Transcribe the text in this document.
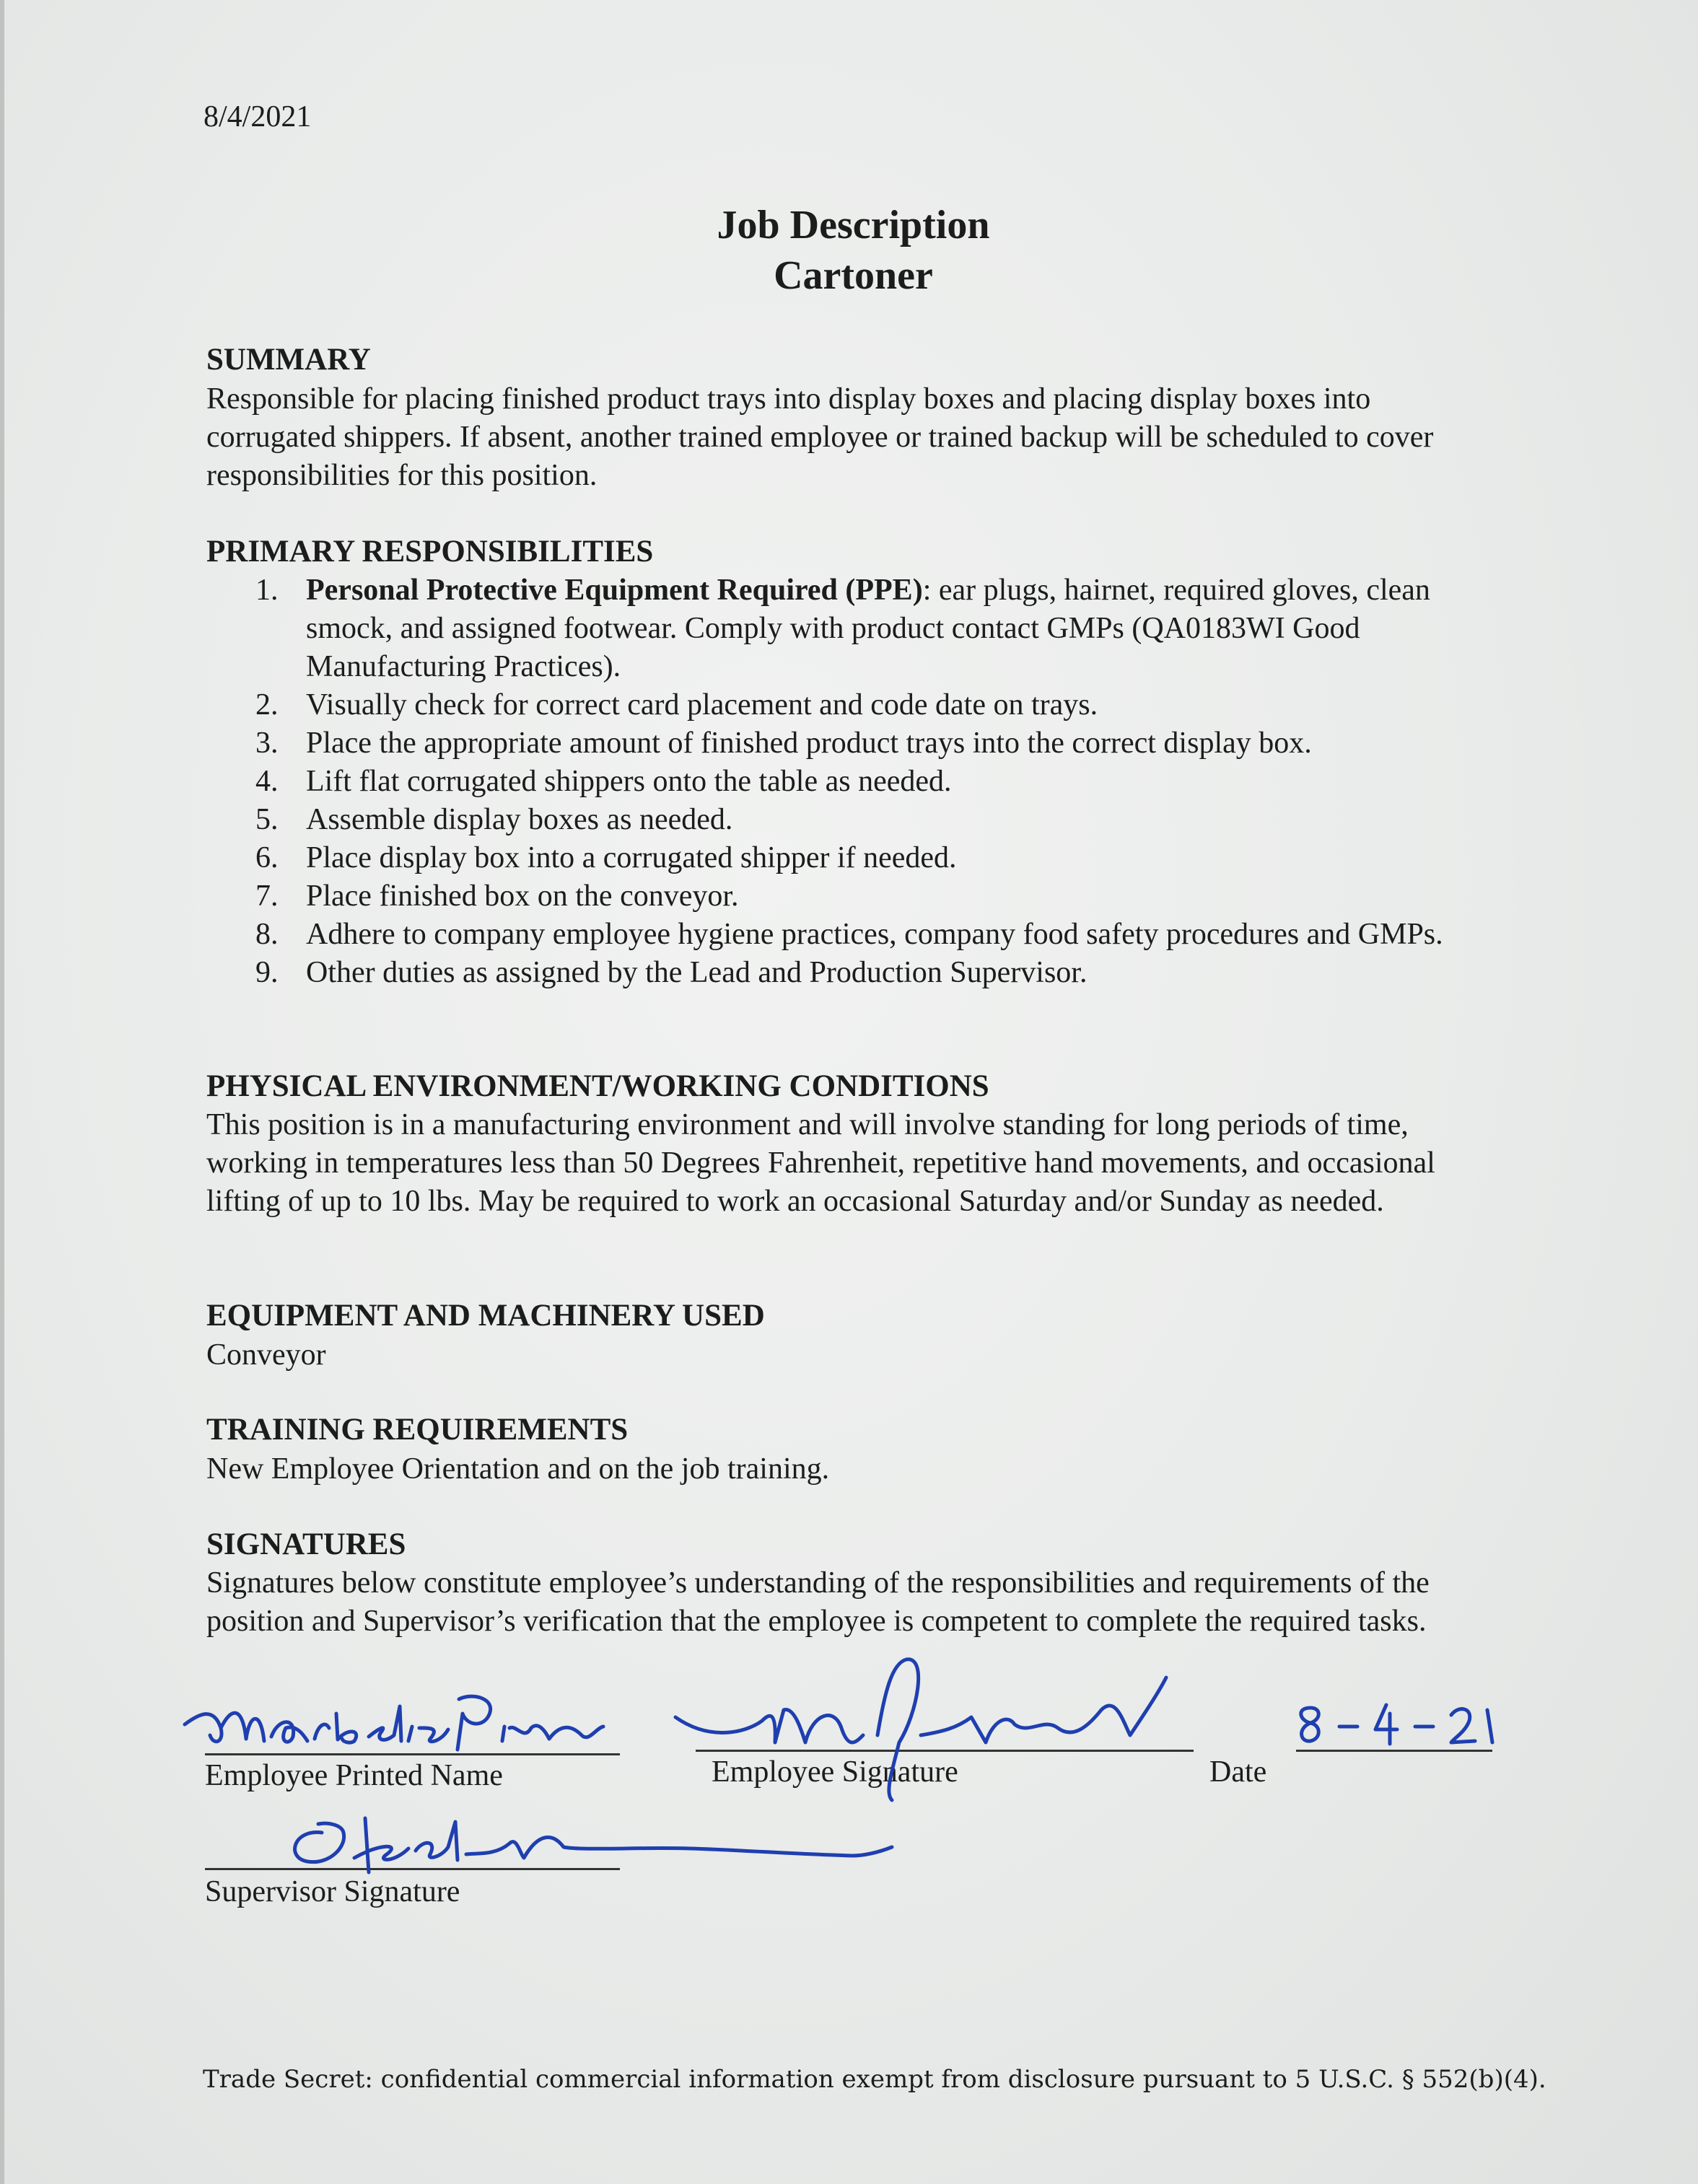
8/4/2021
Job Description
Cartoner
SUMMARY
Responsible for placing finished product trays into display boxes and placing display boxes into corrugated shippers. If absent, another trained employee or trained backup will be scheduled to cover responsibilities for this position.
PRIMARY RESPONSIBILITIES
1. Personal Protective Equipment Required (PPE): ear plugs, hairnet, required gloves, clean smock, and assigned footwear. Comply with product contact GMPs (QA0183WI Good Manufacturing Practices).
2. Visually check for correct card placement and code date on trays.
3. Place the appropriate amount of finished product trays into the correct display box.
4. Lift flat corrugated shippers onto the table as needed.
5. Assemble display boxes as needed.
6. Place display box into a corrugated shipper if needed.
7. Place finished box on the conveyor.
8. Adhere to company employee hygiene practices, company food safety procedures and GMPs.
9. Other duties as assigned by the Lead and Production Supervisor.
PHYSICAL ENVIRONMENT/WORKING CONDITIONS
This position is in a manufacturing environment and will involve standing for long periods of time, working in temperatures less than 50 Degrees Fahrenheit, repetitive hand movements, and occasional lifting of up to 10 lbs. May be required to work an occasional Saturday and/or Sunday as needed.
EQUIPMENT AND MACHINERY USED
Conveyor
TRAINING REQUIREMENTS
New Employee Orientation and on the job training.
SIGNATURES
Signatures below constitute employee’s understanding of the responsibilities and requirements of the position and Supervisor’s verification that the employee is competent to complete the required tasks.
Employee Printed Name	Employee Signature	Date
Supervisor Signature
Trade Secret: confidential commercial information exempt from disclosure pursuant to 5 U.S.C. § 552(b)(4).
